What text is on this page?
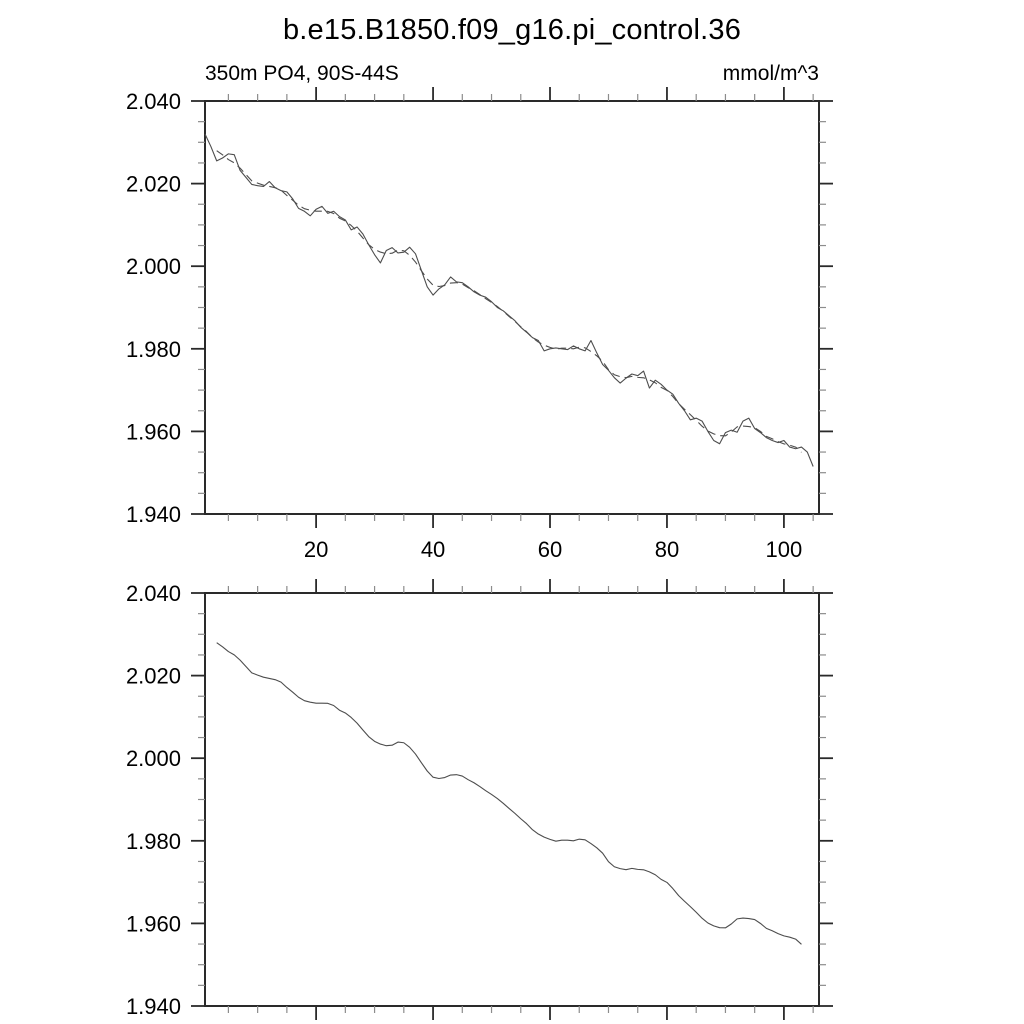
b.e15.B1850.f09_g16.pi_control.36
350m PO4, 90S-44S	mmol/m^3
20	40	60	80	100
1.940
1.960
1.980
2.000
2.020
2.040
1.940
1.960
1.980
2.000
2.020
2.040
